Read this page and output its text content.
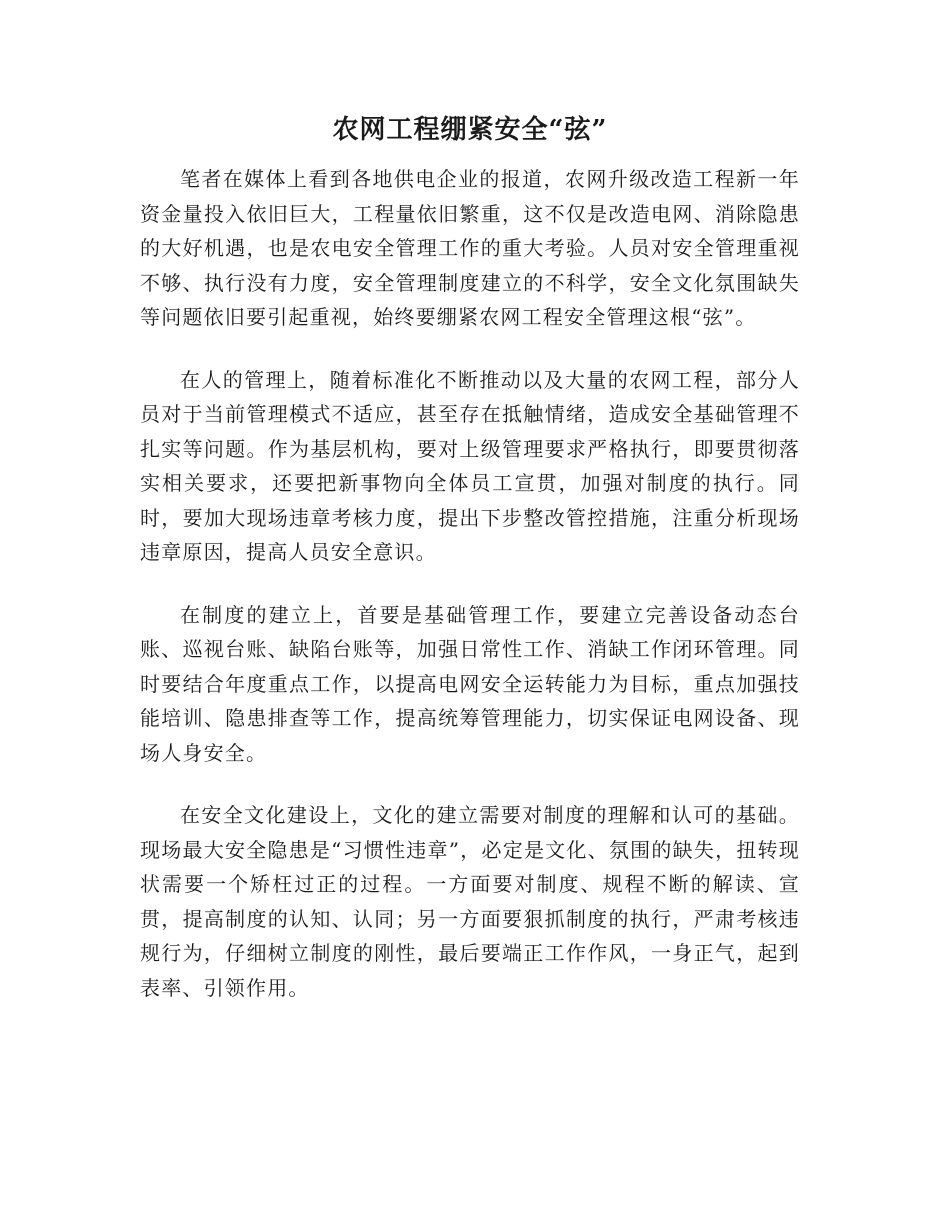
农网工程绷紧安全“弦”

笔者在媒体上看到各地供电企业的报道，农网升级改造工程新一年资金量投入依旧巨大，工程量依旧繁重，这不仅是改造电网、消除隐患的大好机遇，也是农电安全管理工作的重大考验。人员对安全管理重视不够、执行没有力度，安全管理制度建立的不科学，安全文化氛围缺失等问题依旧要引起重视，始终要绷紧农网工程安全管理这根“弦”。

在人的管理上，随着标准化不断推动以及大量的农网工程，部分人员对于当前管理模式不适应，甚至存在抵触情绪，造成安全基础管理不扎实等问题。作为基层机构，要对上级管理要求严格执行，即要贯彻落实相关要求，还要把新事物向全体员工宣贯，加强对制度的执行。同时，要加大现场违章考核力度，提出下步整改管控措施，注重分析现场违章原因，提高人员安全意识。

在制度的建立上，首要是基础管理工作，要建立完善设备动态台账、巡视台账、缺陷台账等，加强日常性工作、消缺工作闭环管理。同时要结合年度重点工作，以提高电网安全运转能力为目标，重点加强技能培训、隐患排查等工作，提高统筹管理能力，切实保证电网设备、现场人身安全。

在安全文化建设上，文化的建立需要对制度的理解和认可的基础。现场最大安全隐患是“习惯性违章”，必定是文化、氛围的缺失，扭转现状需要一个矫枉过正的过程。一方面要对制度、规程不断的解读、宣贯，提高制度的认知、认同；另一方面要狠抓制度的执行，严肃考核违规行为，仔细树立制度的刚性，最后要端正工作作风，一身正气，起到表率、引领作用。
